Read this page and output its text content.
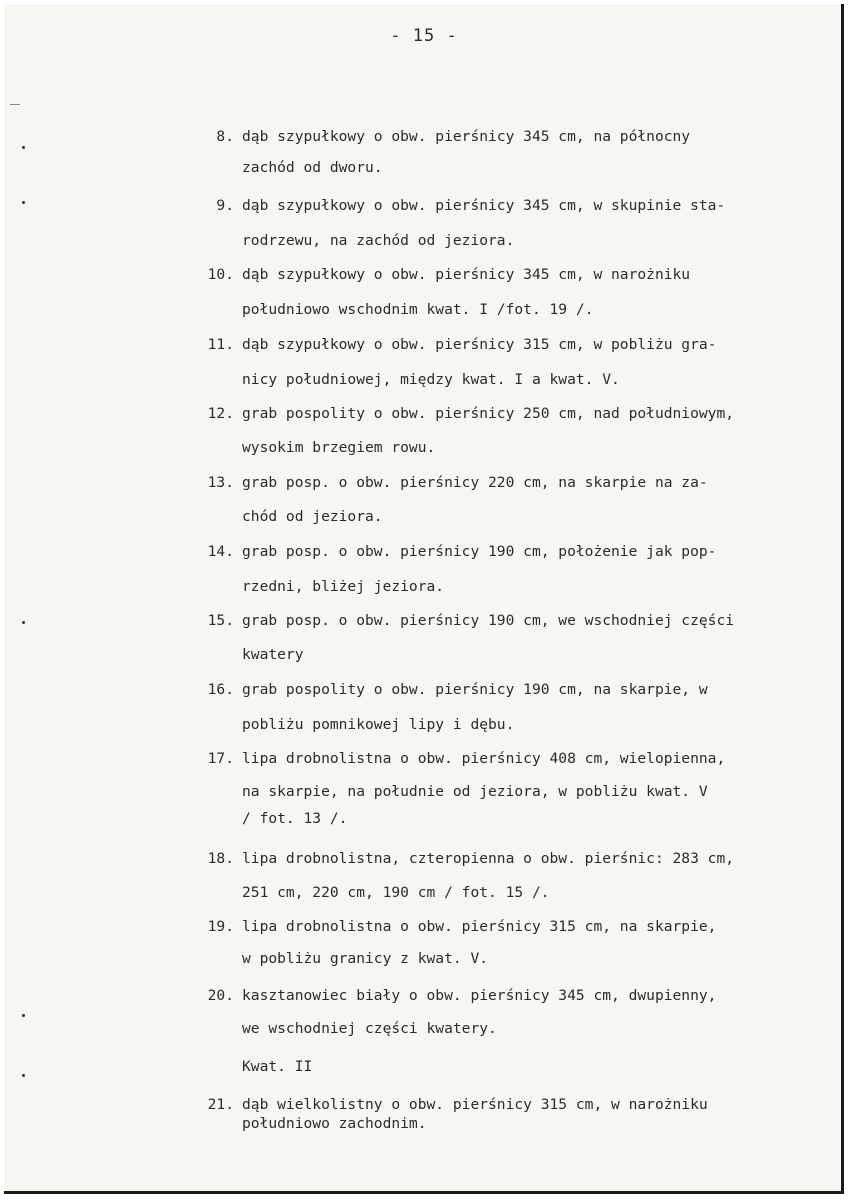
- 15 -
8. dąb szypułkowy o obw. pierśnicy 345 cm, na północny
zachód od dworu.
9. dąb szypułkowy o obw. pierśnicy 345 cm, w skupinie sta-
rodrzewu, na zachód od jeziora.
10. dąb szypułkowy o obw. pierśnicy 345 cm, w narożniku
południowo wschodnim kwat. I /fot. 19 /.
11. dąb szypułkowy o obw. pierśnicy 315 cm, w pobliżu gra-
nicy południowej, między kwat. I a kwat. V.
12. grab pospolity o obw. pierśnicy 250 cm, nad południowym,
wysokim brzegiem rowu.
13. grab posp. o obw. pierśnicy 220 cm, na skarpie na za-
chód od jeziora.
14. grab posp. o obw. pierśnicy 190 cm, położenie jak pop-
rzedni, bliżej jeziora.
15. grab posp. o obw. pierśnicy 190 cm, we wschodniej części
kwatery
16. grab pospolity o obw. pierśnicy 190 cm, na skarpie, w
pobliżu pomnikowej lipy i dębu.
17. lipa drobnolistna o obw. pierśnicy 408 cm, wielopienna,
na skarpie, na południe od jeziora, w pobliżu kwat. V
/ fot. 13 /.
18. lipa drobnolistna, czteropienna o obw. pierśnic: 283 cm,
251 cm, 220 cm, 190 cm / fot. 15 /.
19. lipa drobnolistna o obw. pierśnicy 315 cm, na skarpie,
w pobliżu granicy z kwat. V.
20. kasztanowiec biały o obw. pierśnicy 345 cm, dwupienny,
we wschodniej części kwatery.
Kwat. II
21. dąb wielkolistny o obw. pierśnicy 315 cm, w narożniku
południowo zachodnim.
